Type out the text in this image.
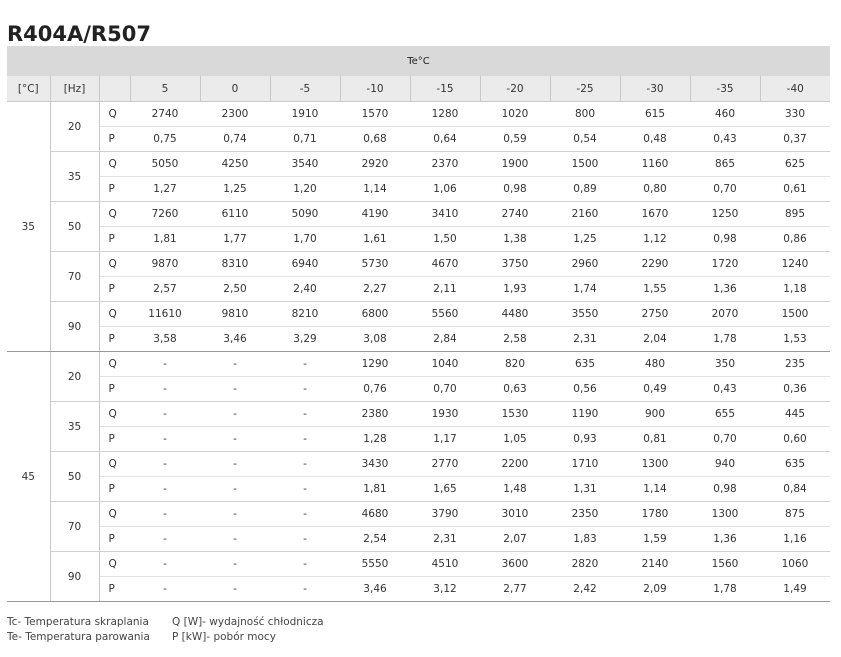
R404A/R507
Te°C												
[°C]	[Hz]		5	0	-5	-10	-15	-20	-25	-30	-35	-40
35	20	Q	2740	2300	1910	1570	1280	1020	800	615	460	330
		P	0,75	0,74	0,71	0,68	0,64	0,59	0,54	0,48	0,43	0,37
	35	Q	5050	4250	3540	2920	2370	1900	1500	1160	865	625
		P	1,27	1,25	1,20	1,14	1,06	0,98	0,89	0,80	0,70	0,61
	50	Q	7260	6110	5090	4190	3410	2740	2160	1670	1250	895
		P	1,81	1,77	1,70	1,61	1,50	1,38	1,25	1,12	0,98	0,86
	70	Q	9870	8310	6940	5730	4670	3750	2960	2290	1720	1240
		P	2,57	2,50	2,40	2,27	2,11	1,93	1,74	1,55	1,36	1,18
	90	Q	11610	9810	8210	6800	5560	4480	3550	2750	2070	1500
		P	3,58	3,46	3,29	3,08	2,84	2,58	2,31	2,04	1,78	1,53
45	20	Q	-	-	-	1290	1040	820	635	480	350	235
		P	-	-	-	0,76	0,70	0,63	0,56	0,49	0,43	0,36
	35	Q	-	-	-	2380	1930	1530	1190	900	655	445
		P	-	-	-	1,28	1,17	1,05	0,93	0,81	0,70	0,60
	50	Q	-	-	-	3430	2770	2200	1710	1300	940	635
		P	-	-	-	1,81	1,65	1,48	1,31	1,14	0,98	0,84
	70	Q	-	-	-	4680	3790	3010	2350	1780	1300	875
		P	-	-	-	2,54	2,31	2,07	1,83	1,59	1,36	1,16
	90	Q	-	-	-	5550	4510	3600	2820	2140	1560	1060
		P	-	-	-	3,46	3,12	2,77	2,42	2,09	1,78	1,49
Tc- Temperatura skraplania
Te- Temperatura parowania
Q [W]- wydajność chłodnicza
P [kW]- pobór mocy
